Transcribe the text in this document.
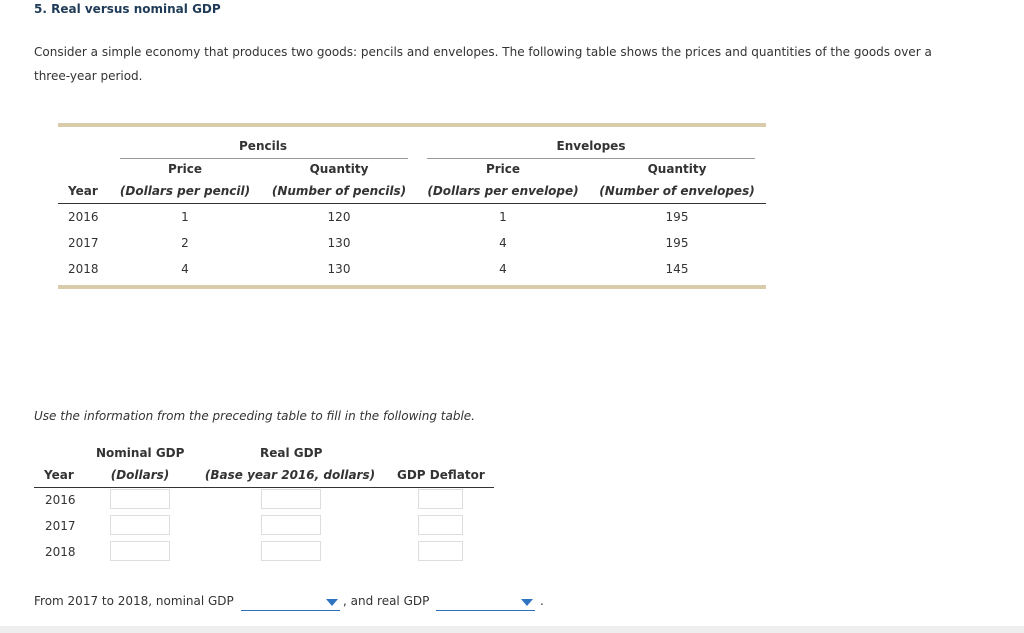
5. Real versus nominal GDP
Consider a simple economy that produces two goods: pencils and envelopes. The following table shows the prices and quantities of the goods over a three-year period.
Pencils	Envelopes
Price	Quantity	Price	Quantity
Year (Dollars per pencil) (Number of pencils) (Dollars per envelope) (Number of envelopes)
2016	1	120	1	195
2017	2	130	4	195
2018	4	130	4	145
Use the information from the preceding table to fill in the following table.
Nominal GDP	Real GDP
Year	(Dollars)	(Base year 2016, dollars) GDP Deflator
2016
2017
2018
From 2017 to 2018, nominal GDP	, and real GDP	.
